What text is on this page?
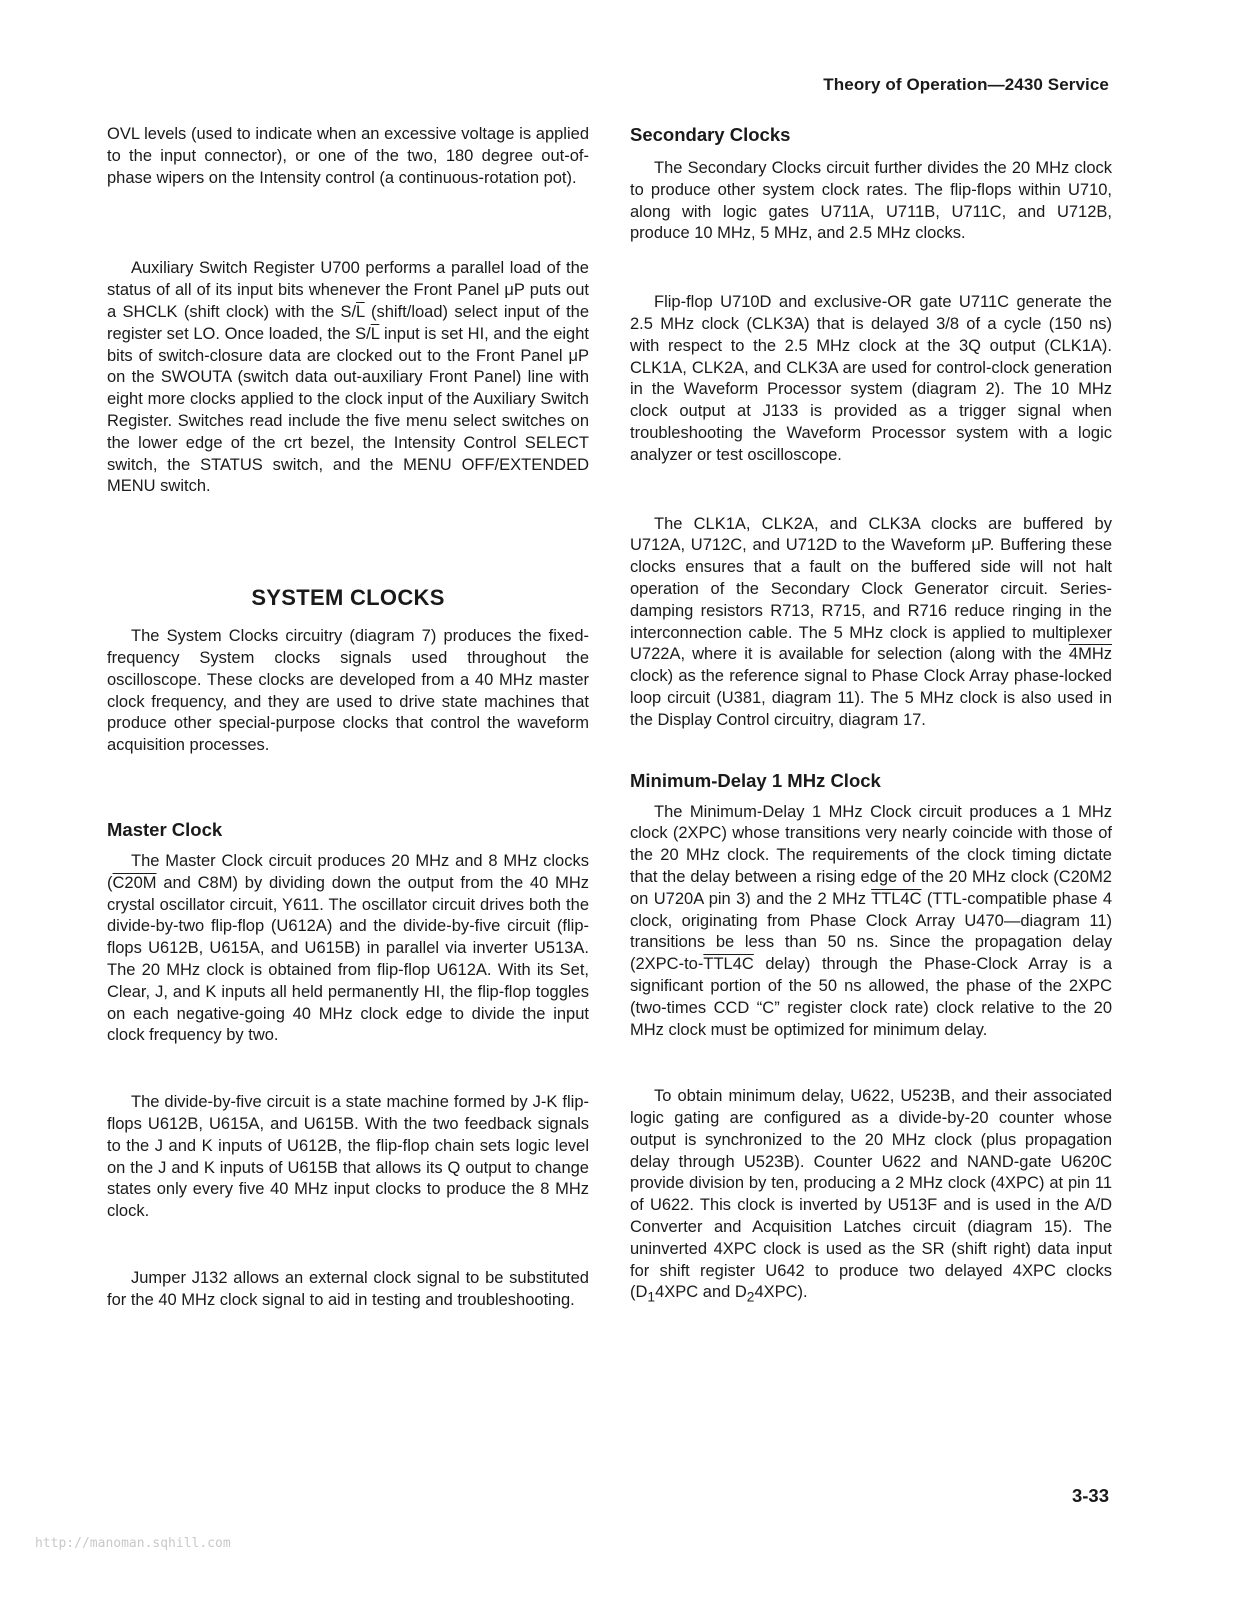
Theory of Operation—2430 Service

OVL levels (used to indicate when an excessive voltage is applied to the input connector), or one of the two, 180 degree out-of-phase wipers on the Intensity control (a continuous-rotation pot).

Auxiliary Switch Register U700 performs a parallel load of the status of all of its input bits whenever the Front Panel μP puts out a SHCLK (shift clock) with the $S/\overline{L}$ (shift/load) select input of the register set LO. Once loaded, the $S/\overline{L}$ input is set HI, and the eight bits of switch-closure data are clocked out to the Front Panel μP on the SWOUTA (switch data out-auxiliary Front Panel) line with eight more clocks applied to the clock input of the Auxiliary Switch Register. Switches read include the five menu select switches on the lower edge of the crt bezel, the Intensity Control SELECT switch, the STATUS switch, and the MENU OFF/EXTENDED MENU switch.

SYSTEM CLOCKS

The System Clocks circuitry (diagram 7) produces the fixed-frequency System clocks signals used throughout the oscilloscope. These clocks are developed from a 40 MHz master clock frequency, and they are used to drive state machines that produce other special-purpose clocks that control the waveform acquisition processes.

Master Clock

The Master Clock circuit produces 20 MHz and 8 MHz clocks (C20M and C8M) by dividing down the output from the 40 MHz crystal oscillator circuit, Y611. The oscillator circuit drives both the divide-by-two flip-flop (U612A) and the divide-by-five circuit (flip-flops U612B, U615A, and U615B) in parallel via inverter U513A. The 20 MHz clock is obtained from flip-flop U612A. With its Set, Clear, J, and K inputs all held permanently HI, the flip-flop toggles on each negative-going 40 MHz clock edge to divide the input clock frequency by two.

The divide-by-five circuit is a state machine formed by J-K flip-flops U612B, U615A, and U615B. With the two feedback signals to the J and K inputs of U612B, the flip-flop chain sets logic level on the J and K inputs of U615B that allows its Q output to change states only every five 40 MHz input clocks to produce the 8 MHz clock.

Jumper J132 allows an external clock signal to be substituted for the 40 MHz clock signal to aid in testing and troubleshooting.

Secondary Clocks

The Secondary Clocks circuit further divides the 20 MHz clock to produce other system clock rates. The flip-flops within U710, along with logic gates U711A, U711B, U711C, and U712B, produce 10 MHz, 5 MHz, and 2.5 MHz clocks.

Flip-flop U710D and exclusive-OR gate U711C generate the 2.5 MHz clock (CLK3A) that is delayed 3/8 of a cycle (150 ns) with respect to the 2.5 MHz clock at the 3Q output (CLK1A). CLK1A, CLK2A, and CLK3A are used for control-clock generation in the Waveform Processor system (diagram 2). The 10 MHz clock output at J133 is provided as a trigger signal when troubleshooting the Waveform Processor system with a logic analyzer or test oscilloscope.

The CLK1A, CLK2A, and CLK3A clocks are buffered by U712A, U712C, and U712D to the Waveform μP. Buffering these clocks ensures that a fault on the buffered side will not halt operation of the Secondary Clock Generator circuit. Series-damping resistors R713, R715, and R716 reduce ringing in the interconnection cable. The 5 MHz clock is applied to multiplexer U722A, where it is available for selection (along with the 4MHz clock) as the reference signal to Phase Clock Array phase-locked loop circuit (U381, diagram 11). The 5 MHz clock is also used in the Display Control circuitry, diagram 17.

Minimum-Delay 1 MHz Clock

The Minimum-Delay 1 MHz Clock circuit produces a 1 MHz clock (2XPC) whose transitions very nearly coincide with those of the 20 MHz clock. The requirements of the clock timing dictate that the delay between a rising edge of the 20 MHz clock (C20M2 on U720A pin 3) and the 2 MHz TTL4C (TTL-compatible phase 4 clock, originating from Phase Clock Array U470—diagram 11) transitions be less than 50 ns. Since the propagation delay (2XPC-to-TTL4C delay) through the Phase-Clock Array is a significant portion of the 50 ns allowed, the phase of the 2XPC (two-times CCD “C” register clock rate) clock relative to the 20 MHz clock must be optimized for minimum delay.

To obtain minimum delay, U622, U523B, and their associated logic gating are configured as a divide-by-20 counter whose output is synchronized to the 20 MHz clock (plus propagation delay through U523B). Counter U622 and NAND-gate U620C provide division by ten, producing a 2 MHz clock (4XPC) at pin 11 of U622. This clock is inverted by U513F and is used in the A/D Converter and Acquisition Latches circuit (diagram 15). The uninverted 4XPC clock is used as the SR (shift right) data input for shift register U642 to produce two delayed 4XPC clocks ($D_14XPC$ and $D_24XPC$).

3-33
http://manoman.sqhill.com
